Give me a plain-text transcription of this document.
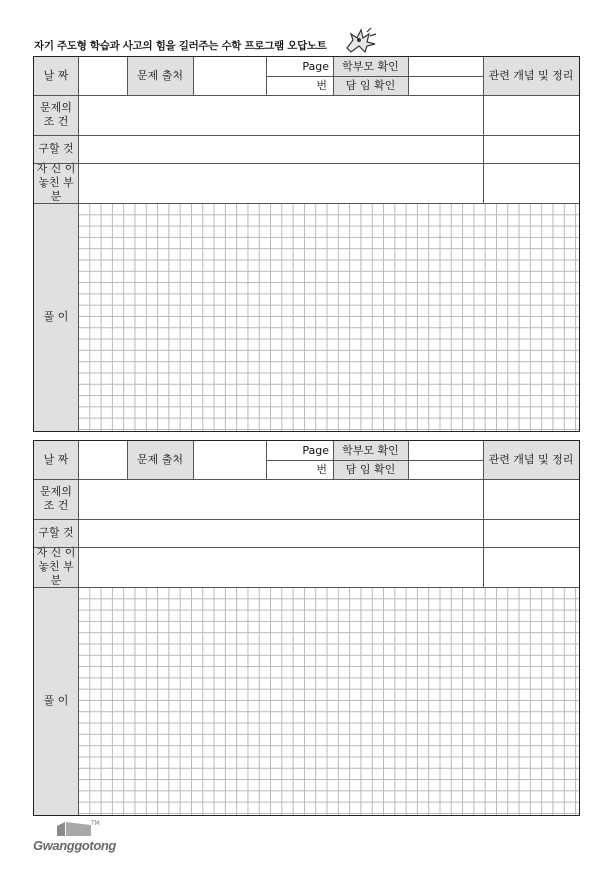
자기 주도형 학습과 사고의 힘을 길러주는 수학 프로그램 오답노트
날 짜	문제 출처
Page
번
학부모 확인
담 임 확인
관련 개념 및 정리
문제의
조 건
구할 것
자 신 이
놓친 부분
풀 이
날 짜	문제 출처
Page
번
학부모 확인
담 임 확인
관련 개념 및 정리
문제의
조 건
구할 것
자 신 이
놓친 부분
풀 이
TM
Gwanggotong
